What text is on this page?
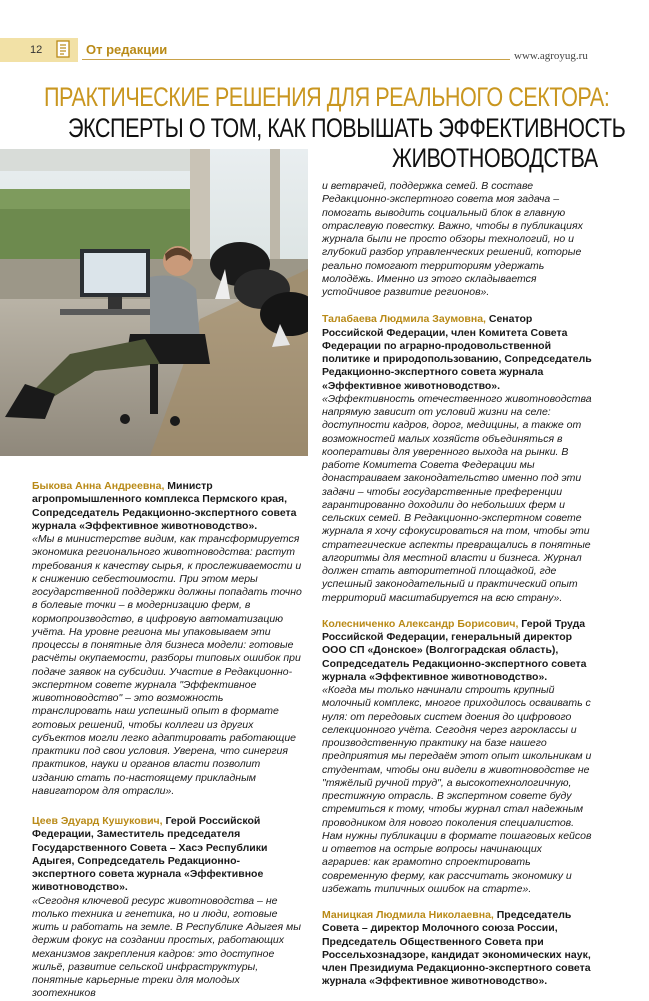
12	От редакции	www.agroyug.ru
ПРАКТИЧЕСКИЕ РЕШЕНИЯ ДЛЯ РЕАЛЬНОГО СЕКТОРА:
ЭКСПЕРТЫ О ТОМ, КАК ПОВЫШАТЬ ЭФФЕКТИВНОСТЬ
ЖИВОТНОВОДСТВА

Быкова Анна Андреевна, Министр агропромышленного комплекса Пермского края, Сопредседатель Редакционно-экспертного совета журнала «Эффективное животноводство».

«Мы в министерстве видим, как трансформируется экономика регионального животноводства: растут требования к качеству сырья, к прослеживаемости и к снижению себестоимости. При этом меры государственной поддержки должны попадать точно в болевые точки – в модернизацию ферм, в кормопроизводство, в цифровую автоматизацию учёта. На уровне региона мы упаковываем эти процессы в понятные для бизнеса модели: готовые расчёты окупаемости, разборы типовых ошибок при подаче заявок на субсидии. Участие в Редакционно-экспертном совете журнала "Эффективное животноводство" – это возможность транслировать наш успешный опыт в формате готовых решений, чтобы коллеги из других субъектов могли легко адаптировать работающие практики под свои условия. Уверена, что синергия практиков, науки и органов власти позволит изданию стать по-настоящему прикладным навигатором для отрасли».

Цеев Эдуард Кушукович, Герой Российской Федерации, Заместитель председателя Государственного Совета – Хасэ Республики Адыгея, Сопредседатель Редакционно-экспертного совета журнала «Эффективное животноводство».

«Сегодня ключевой ресурс животноводства – не только техника и генетика, но и люди, готовые жить и работать на земле. В Республике Адыгея мы держим фокус на создании простых, работающих механизмов закрепления кадров: это доступное жильё, развитие сельской инфраструктуры, понятные карьерные треки для молодых зоотехников

и ветврачей, поддержка семей. В составе Редакционно-экспертного совета моя задача – помогать выводить социальный блок в главную отраслевую повестку. Важно, чтобы в публикациях журнала были не просто обзоры технологий, но и глубокий разбор управленческих решений, которые реально помогают территориям удержать молодёжь. Именно из этого складывается устойчивое развитие регионов».

Талабаева Людмила Заумовна, Сенатор Российской Федерации, член Комитета Совета Федерации по аграрно-продовольственной политике и природопользованию, Сопредседатель Редакционно-экспертного совета журнала «Эффективное животноводство».

«Эффективность отечественного животноводства напрямую зависит от условий жизни на селе: доступности кадров, дорог, медицины, а также от возможностей малых хозяйств объединяться в кооперативы для уверенного выхода на рынки. В работе Комитета Совета Федерации мы донастраиваем законодательство именно под эти задачи – чтобы государственные преференции гарантированно доходили до небольших ферм и сельских семей. В Редакционно-экспертном совете журнала я хочу сфокусироваться на том, чтобы эти стратегические аспекты превращались в понятные алгоритмы для местной власти и бизнеса. Журнал должен стать авторитетной площадкой, где успешный законодательный и практический опыт территорий масштабируется на всю страну».

Колесниченко Александр Борисович, Герой Труда Российской Федерации, генеральный директор ООО СП «Донское» (Волгоградская область), Сопредседатель Редакционно-экспертного совета журнала «Эффективное животноводство».

«Когда мы только начинали строить крупный молочный комплекс, многое приходилось осваивать с нуля: от передовых систем доения до цифрового селекционного учёта. Сегодня через агроклассы и производственную практику на базе нашего предприятия мы передаём этот опыт школьникам и студентам, чтобы они видели в животноводстве не "тяжёлый ручной труд", а высокотехнологичную, престижную отрасль. В экспертном совете буду стремиться к тому, чтобы журнал стал надежным проводником для нового поколения специалистов. Нам нужны публикации в формате пошаговых кейсов и ответов на острые вопросы начинающих аграриев: как грамотно спроектировать современную ферму, как рассчитать экономику и избежать типичных ошибок на старте».

Маницкая Людмила Николаевна, Председатель Совета – директор Молочного союза России, Председатель Общественного Совета при Россельхознадзоре, кандидат экономических наук, член Президиума Редакционно-экспертного совета журнала «Эффективное животноводство».
